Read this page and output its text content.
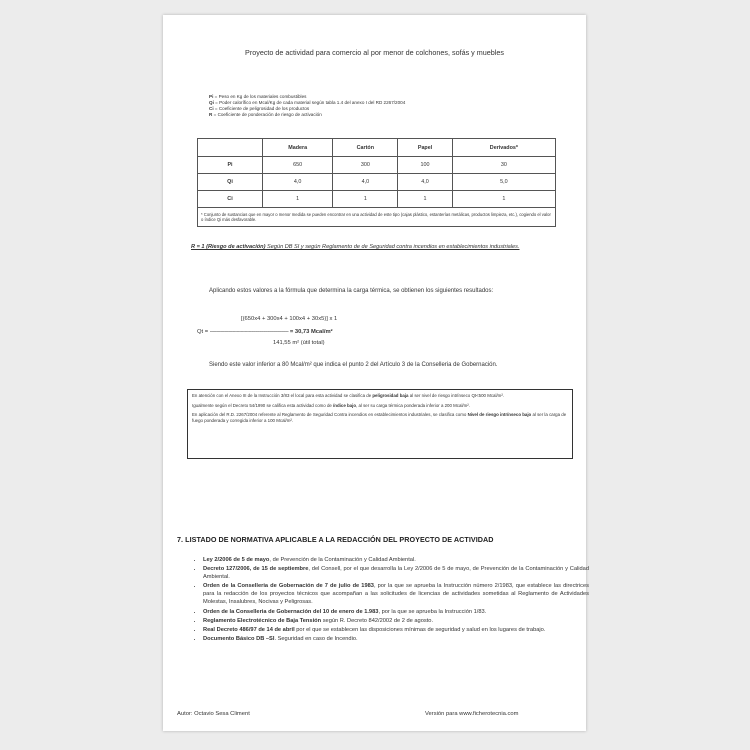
Proyecto de actividad para comercio al por menor de colchones, sofás y muebles
Pi = Peso en Kg de los materiales combustibles
Qi = Poder calorífico en Mcal/Kg de cada material según tabla 1.4 del anexo I del RD 2267/2004
Ci = Coeficiente de peligrosidad de los productos
R = Coeficiente de ponderación de riesgo de activación
	Madera	Cartón	Papel	Derivados*
Pi	650	300	100	30
Qi	4,0	4,0	4,0	5,0
Ci	1	1	1	1
* Conjunto de sustancias que en mayor o menor medida se pueden encontrar en una actividad de este tipo (cajas plástico, estanterías metálicas, productos limpieza, etc.), cogiendo el valor o índice Qi más desfavorable.				
R = 1 (Riesgo de activación) Según DB SI y según Reglamento de de Seguridad contra incendios en establecimientos industriales.
Aplicando estos valores a la fórmula que determina la carga térmica, se obtienen los siguientes resultados:
[(650x4 + 300x4 + 100x4 + 30x5)] x 1
Qt = ----------------------------------------------------------- = 30,73 Mcal/m²
141,55 m² (útil total)
Siendo este valor inferior a 80 Mcal/m² que indica el punto 2 del Artículo 3 de la Conselleria de Gobernación.

En atención con el Anexo III de la Instrucción 3/83 el local para esta actividad se clasifica de peligrosidad baja al ser nivel de riesgo intrínseco Qt<500 Mcal/m².

Igualmente según el Decreto 54/1990 se califica esta actividad como de índice bajo, al ser su carga térmica ponderada inferior a 200 Mcal/m².

En aplicación del R.D. 2267/2004 referente al Reglamento de Seguridad Contra incendios en establecimientos industriales, se clasifica como Nivel de riesgo intrínseco bajo al ser la carga de fuego ponderada y corregida inferior a 100 Mcal/m².

7. LISTADO DE NORMATIVA APLICABLE A LA REDACCIÓN DEL PROYECTO DE ACTIVIDAD
• Ley 2/2006 de 5 de mayo, de Prevención de la Contaminación y Calidad Ambiental.
• Decreto 127/2006, de 15 de septiembre, del Consell, por el que desarrolla la Ley 2/2006 de 5 de mayo, de Prevención de la Contaminación y Calidad Ambiental.
• Orden de la Conselleria de Gobernación de 7 de julio de 1983, por la que se aprueba la Instrucción número 2/1983, que establece las directrices para la redacción de los proyectos técnicos que acompañan a las solicitudes de licencias de actividades sometidas al Reglamento de Actividades Molestas, Insalubres, Nocivas y Peligrosas.
• Orden de la Conselleria de Gobernación del 10 de enero de 1.983, por la que se aprueba la Instrucción 1/83.
• Reglamento Electrotécnico de Baja Tensión según R. Decreto 842/2002 de 2 de agosto.
• Real Decreto 486/97 de 14 de abril por el que se establecen las disposiciones mínimas de seguridad y salud en los lugares de trabajo.
• Documento Básico DB –SI. Seguridad en caso de Incendio.
Autor: Octavio Sesa Climent	Versión para www.ficherotecnia.com
